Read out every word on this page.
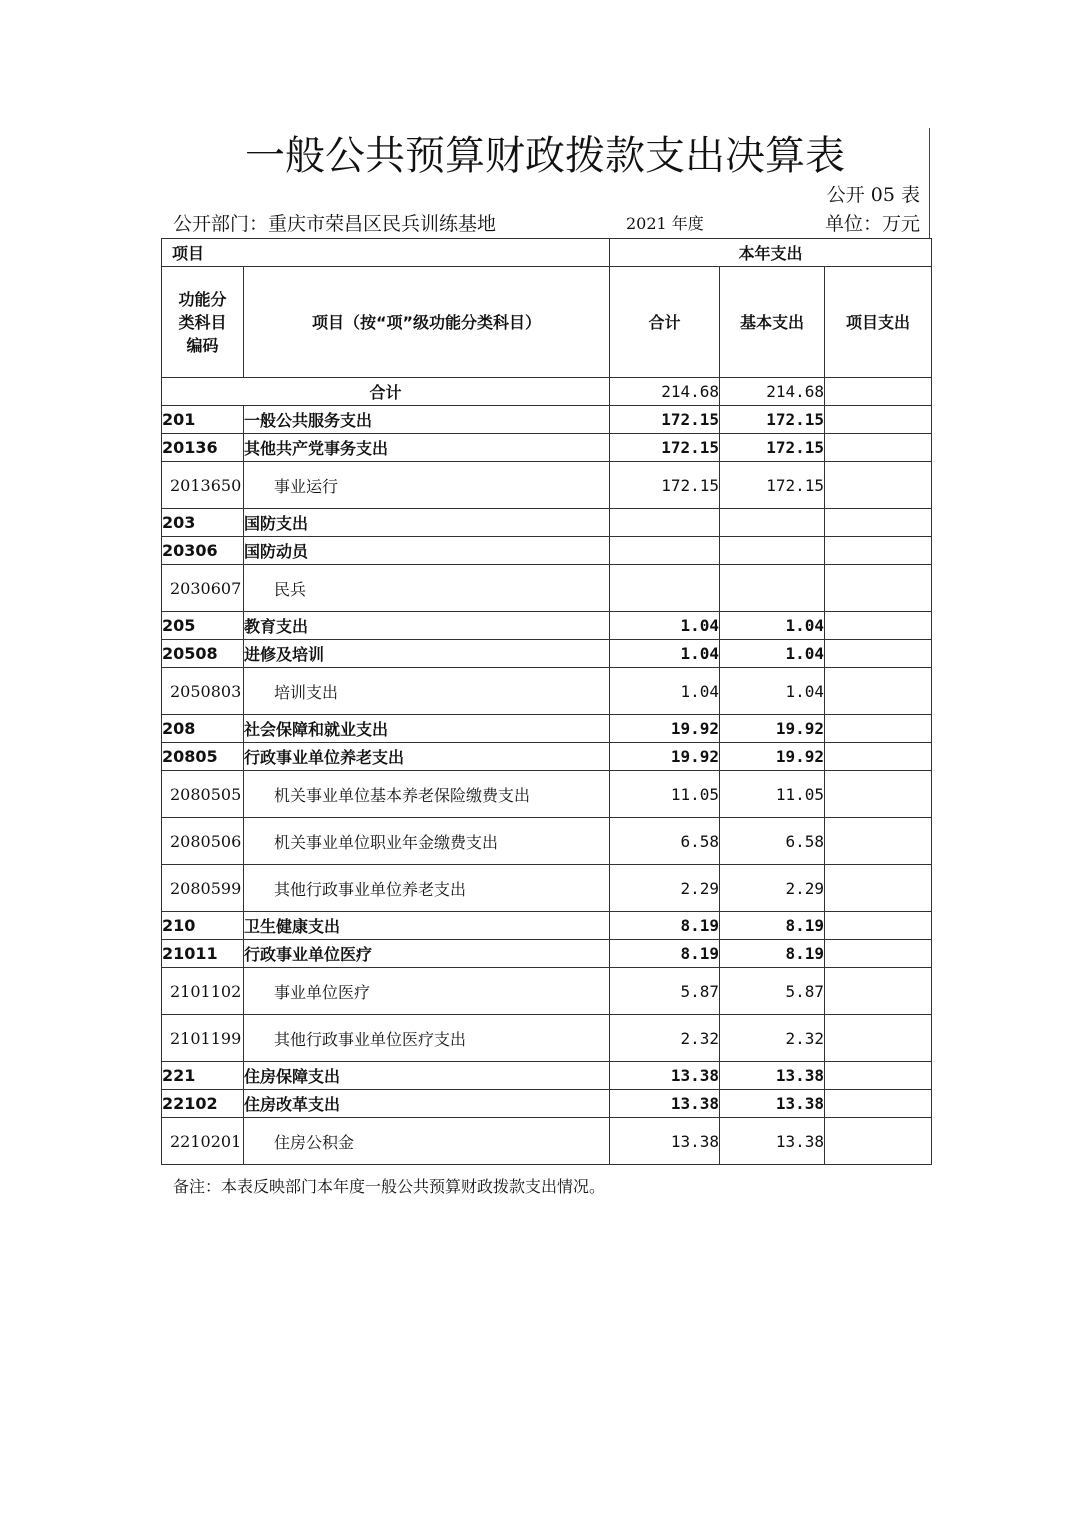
一般公共预算财政拨款支出决算表
公开 05 表
公开部门：重庆市荣昌区民兵训练基地	2021 年度	单位：万元
项目		本年支出		

功能分类科目编码	项目（按“项”级功能分类科目）	合计	基本支出	项目支出
合计		214.68	214.68	
201	一般公共服务支出	172.15	172.15	
20136	其他共产党事务支出	172.15	172.15	
2013650	事业运行	172.15	172.15	
203	国防支出			
20306	国防动员			
2030607	民兵			
205	教育支出	1.04	1.04	
20508	进修及培训	1.04	1.04	
2050803	培训支出	1.04	1.04	
208	社会保障和就业支出	19.92	19.92	
20805	行政事业单位养老支出	19.92	19.92	
2080505	机关事业单位基本养老保险缴费支出	11.05	11.05	
2080506	机关事业单位职业年金缴费支出	6.58	6.58	
2080599	其他行政事业单位养老支出	2.29	2.29	
210	卫生健康支出	8.19	8.19	
21011	行政事业单位医疗	8.19	8.19	
2101102	事业单位医疗	5.87	5.87	
2101199	其他行政事业单位医疗支出	2.32	2.32	
221	住房保障支出	13.38	13.38	
22102	住房改革支出	13.38	13.38	
2210201	住房公积金	13.38	13.38	
备注：本表反映部门本年度一般公共预算财政拨款支出情况。
